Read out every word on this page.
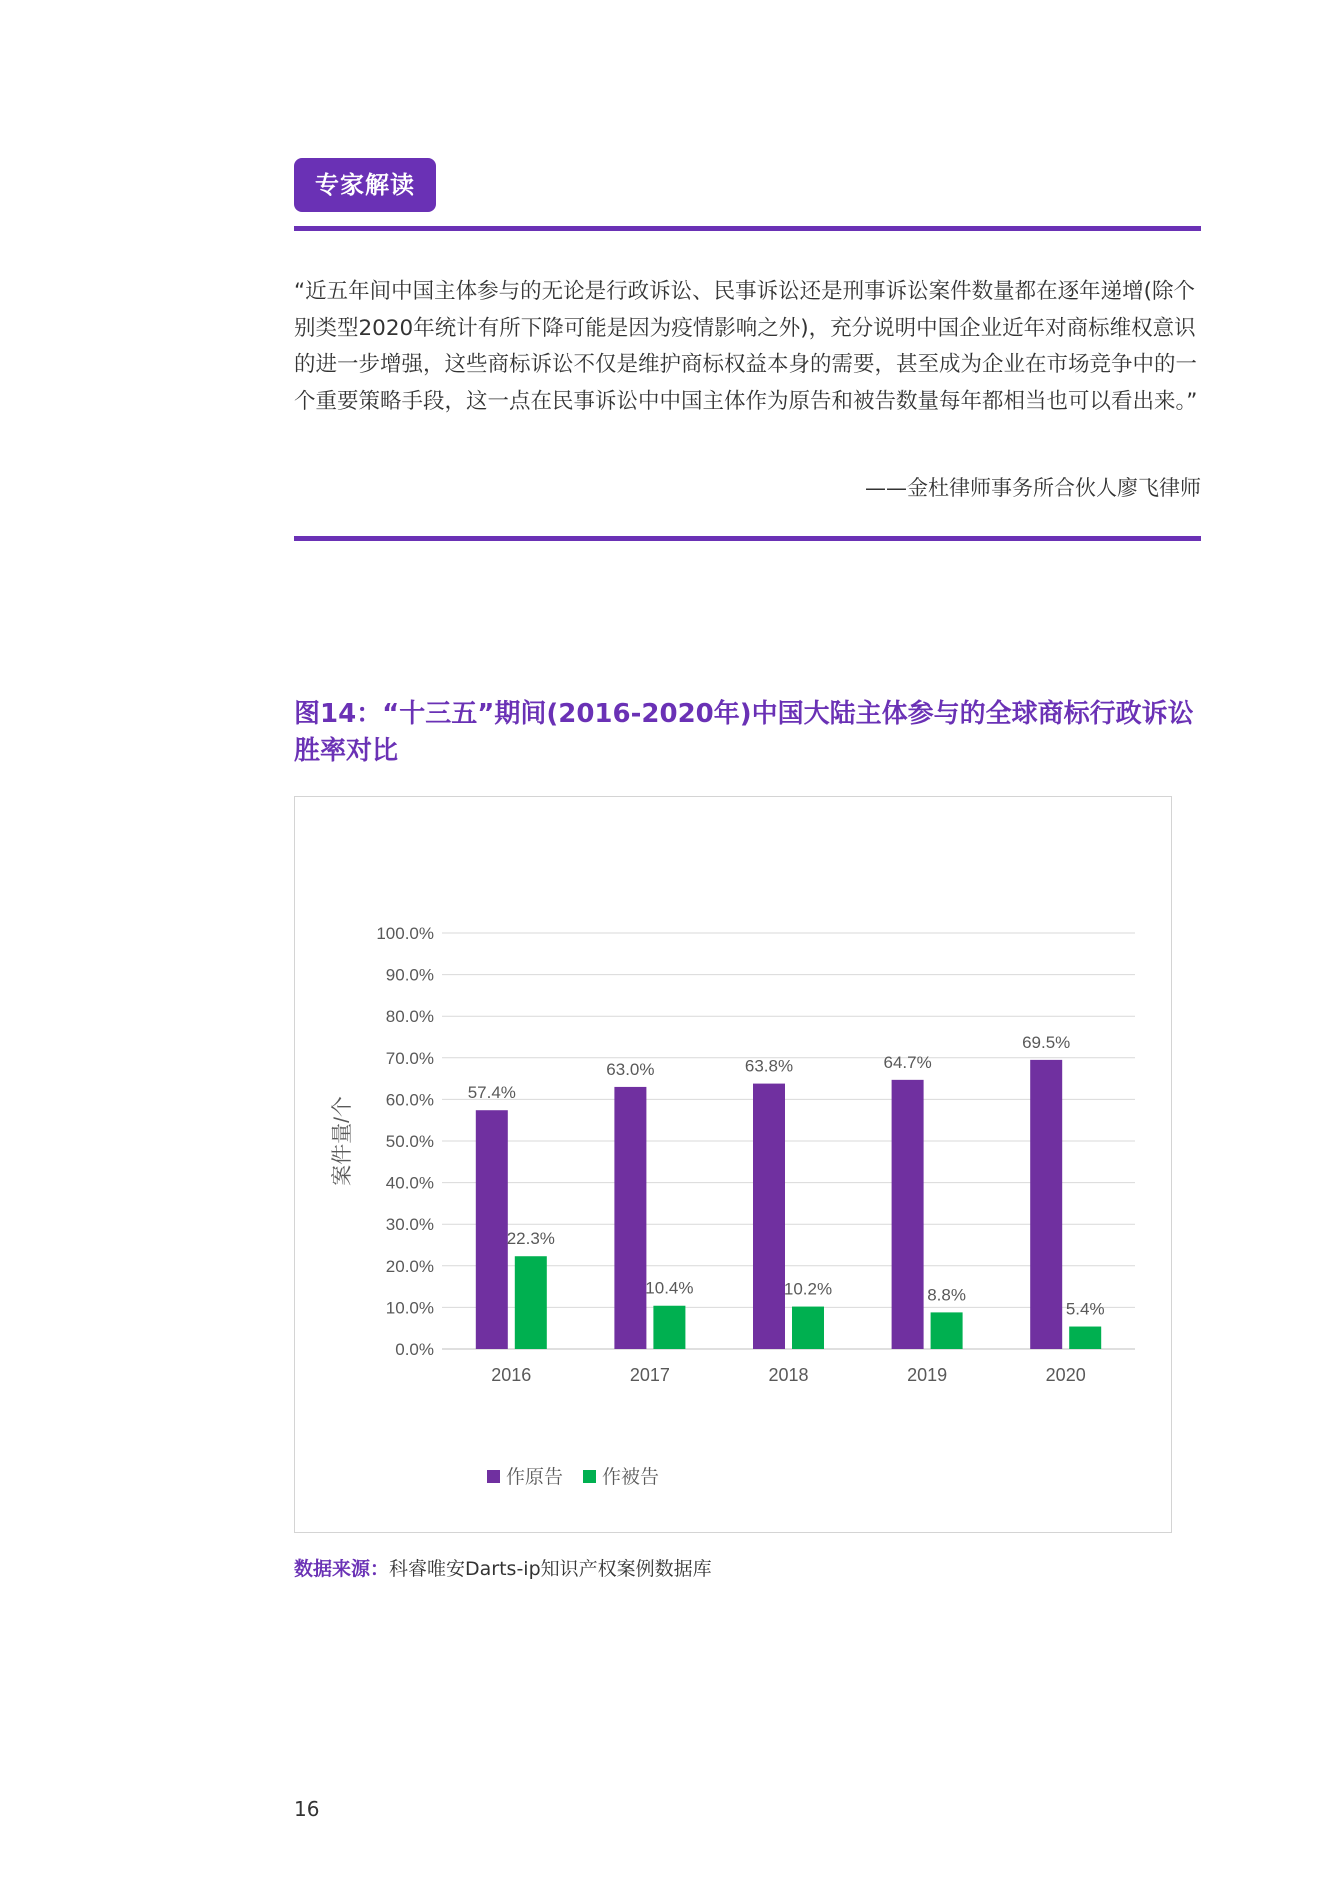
专家解读

“近五年间中国主体参与的无论是行政诉讼、民事诉讼还是刑事诉讼案件数量都在逐年递增(除个别类型2020年统计有所下降可能是因为疫情影响之外)，充分说明中国企业近年对商标维权意识的进一步增强，这些商标诉讼不仅是维护商标权益本身的需要，甚至成为企业在市场竞争中的一个重要策略手段，这一点在民事诉讼中中国主体作为原告和被告数量每年都相当也可以看出来。”

——金杜律师事务所合伙人廖飞律师
图14：“十三五”期间(2016-2020年)中国大陆主体参与的全球商标行政诉讼胜率对比
0.0%
10.0%
20.0%
30.0%
40.0%
50.0%
60.0%
70.0%
80.0%
90.0%
100.0%
案件量/个
57.4%
22.3%
2016
63.0%
10.4%
2017
63.8%
10.2%
2018
64.7%
8.8%
2019
69.5%
5.4%
2020
作原告 作被告
数据来源：科睿唯安Darts-ip知识产权案例数据库
16
